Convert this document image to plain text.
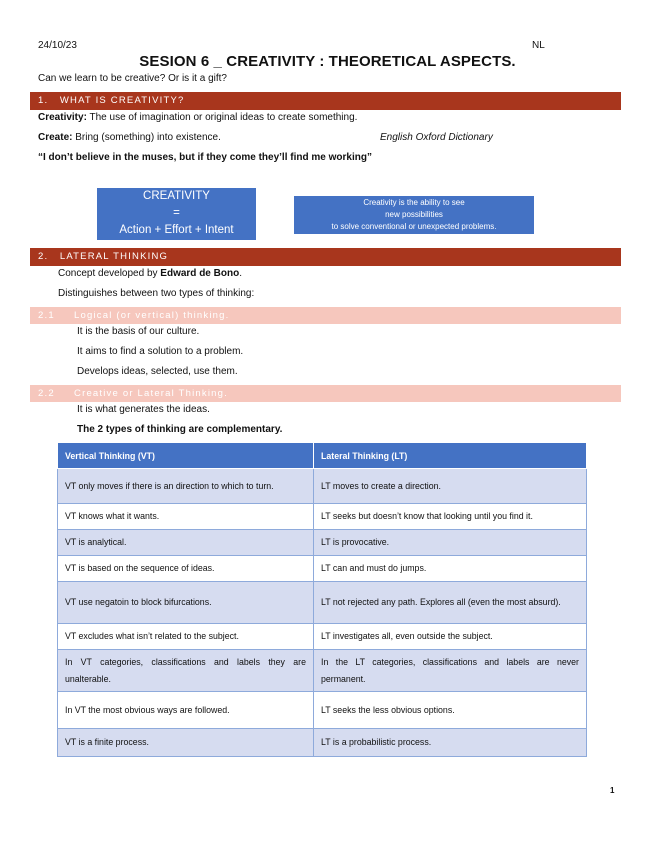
24/10/23	NL
SESION 6 _ CREATIVITY : THEORETICAL ASPECTS.
Can we learn to be creative? Or is it a gift?
1. WHAT IS CREATIVITY?
Creativity: The use of imagination or original ideas to create something.
Create: Bring (something) into existence.	English Oxford Dictionary
“I don’t believe in the muses, but if they come they’ll find me working”
CREATIVITY
=
Action + Effort + Intent
Creativity is the ability to see
new possibilities
to solve conventional or unexpected problems.
2. LATERAL THINKING
Concept developed by Edward de Bono.
Distinguishes between two types of thinking:
2.1 Logical (or vertical) thinking.
It is the basis of our culture.
It aims to find a solution to a problem.
Develops ideas, selected, use them.
2.2 Creative or Lateral Thinking.
It is what generates the ideas.
The 2 types of thinking are complementary.
Vertical Thinking (VT)	Lateral Thinking (LT)
VT only moves if there is an direction to which to turn.	LT moves to create a direction.
VT knows what it wants.	LT seeks but doesn’t know that looking until you find it.
VT is analytical.	LT is provocative.
VT is based on the sequence of ideas.	LT can and must do jumps.
VT use negatoin to block bifurcations.	LT not rejected any path. Explores all (even the most absurd).
VT excludes what isn’t related to the subject.	LT investigates all, even outside the subject.
In VT categories, classifications and labels they are unalterable.	In the LT categories, classifications and labels are never permanent.
In VT the most obvious ways are followed.	LT seeks the less obvious options.
VT is a finite process.	LT is a probabilistic process.
1
